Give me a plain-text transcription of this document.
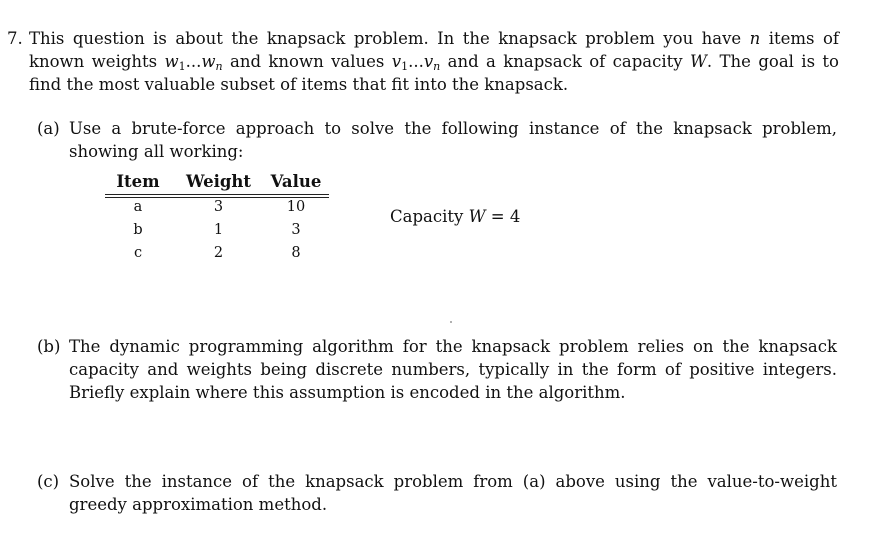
7. This question is about the knapsack problem. In the knapsack problem you have n items of known weights $w_1...w_n$ and known values $v_1...v_n$ and a knapsack of capacity W. The goal is to find the most valuable subset of items that fit into the knapsack.
(a) Use a brute-force approach to solve the following instance of the knapsack problem, showing all working:
Item	Weight	Value
a	3	10
b	1	3
c	2	8
Capacity W = 4
(b) The dynamic programming algorithm for the knapsack problem relies on the knapsack capacity and weights being discrete numbers, typically in the form of positive integers. Briefly explain where this assumption is encoded in the algorithm.
(c) Solve the instance of the knapsack problem from (a) above using the value-to-weight greedy approximation method.
